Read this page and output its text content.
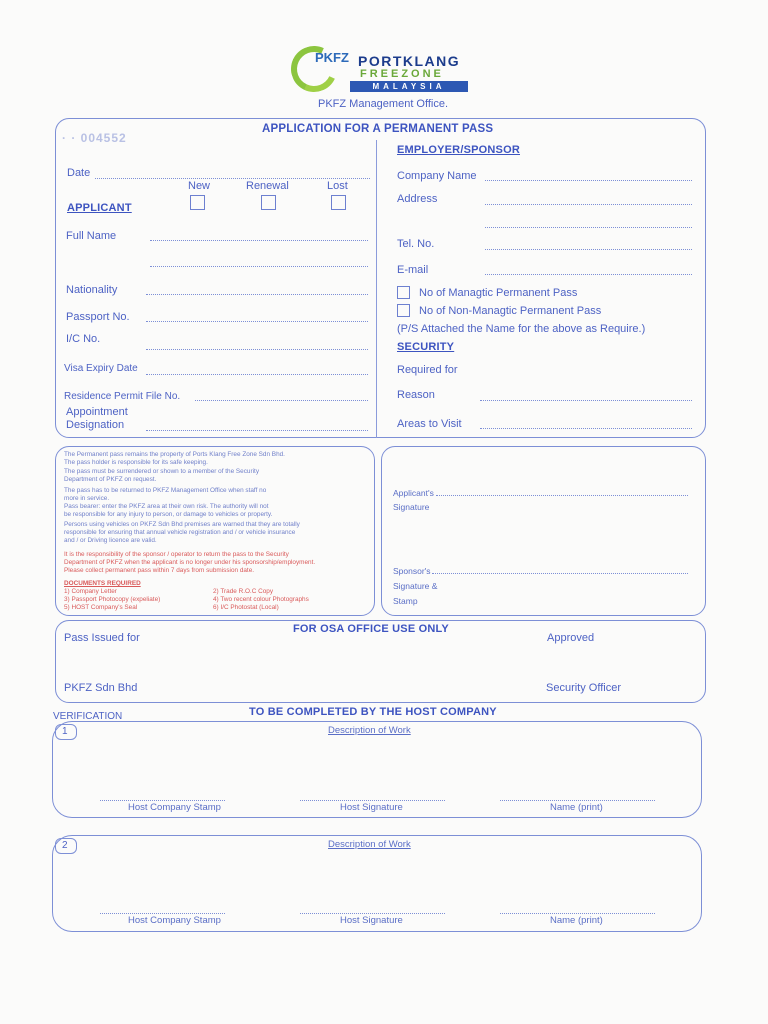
PKFZ PORTKLANG
FREEZONE
MALAYSIA
PKFZ Management Office.
APPLICATION FOR A PERMANENT PASS
· · 004552
Date
New	Renewal	Lost
APPLICANT
Full Name
Nationality
Passport No.
I/C No.
Visa Expiry Date
Residence Permit File No.
Appointment
Designation
EMPLOYER/SPONSOR
Company Name
Address
Tel. No.
E-mail
No of Managtic Permanent Pass
No of Non-Managtic Permanent Pass
(P/S Attached the Name for the above as Require.)
SECURITY
Required for
Reason
Areas to Visit
The Permanent pass remains the property of Ports Klang Free Zone Sdn Bhd.
The pass holder is responsible for its safe keeping.
The pass must be surrendered or shown to a member of the Security
Department of PKFZ on request.
The pass has to be returned to PKFZ Management Office when staff no
more in service.
Pass bearer: enter the PKFZ area at their own risk. The authority will not
be responsible for any injury to person, or damage to vehicles or property.
Persons using vehicles on PKFZ Sdn Bhd premises are warned that they are totally
responsible for ensuring that annual vehicle registration and / or vehicle insurance
and / or Driving licence are valid.
It is the responsibility of the sponsor / operator to return the pass to the Security
Department of PKFZ when the applicant is no longer under his sponsorship/employment.
Please collect permanent pass within 7 days from submission date.
DOCUMENTS REQUIRED
1) Company Letter	2) Trade R.O.C Copy
3) Passport Photocopy (expeliate)	4) Two recent colour Photographs
5) HOST Company's Seal	6) I/C Photostat (Local)
Applicant's
Signature
Sponsor's
Signature &
Stamp
FOR OSA OFFICE USE ONLY
Pass Issued for	Approved
PKFZ Sdn Bhd	Security Officer
VERIFICATION	TO BE COMPLETED BY THE HOST COMPANY
1	Description of Work
Host Company Stamp	Host Signature	Name (print)
2	Description of Work
Host Company Stamp	Host Signature	Name (print)
